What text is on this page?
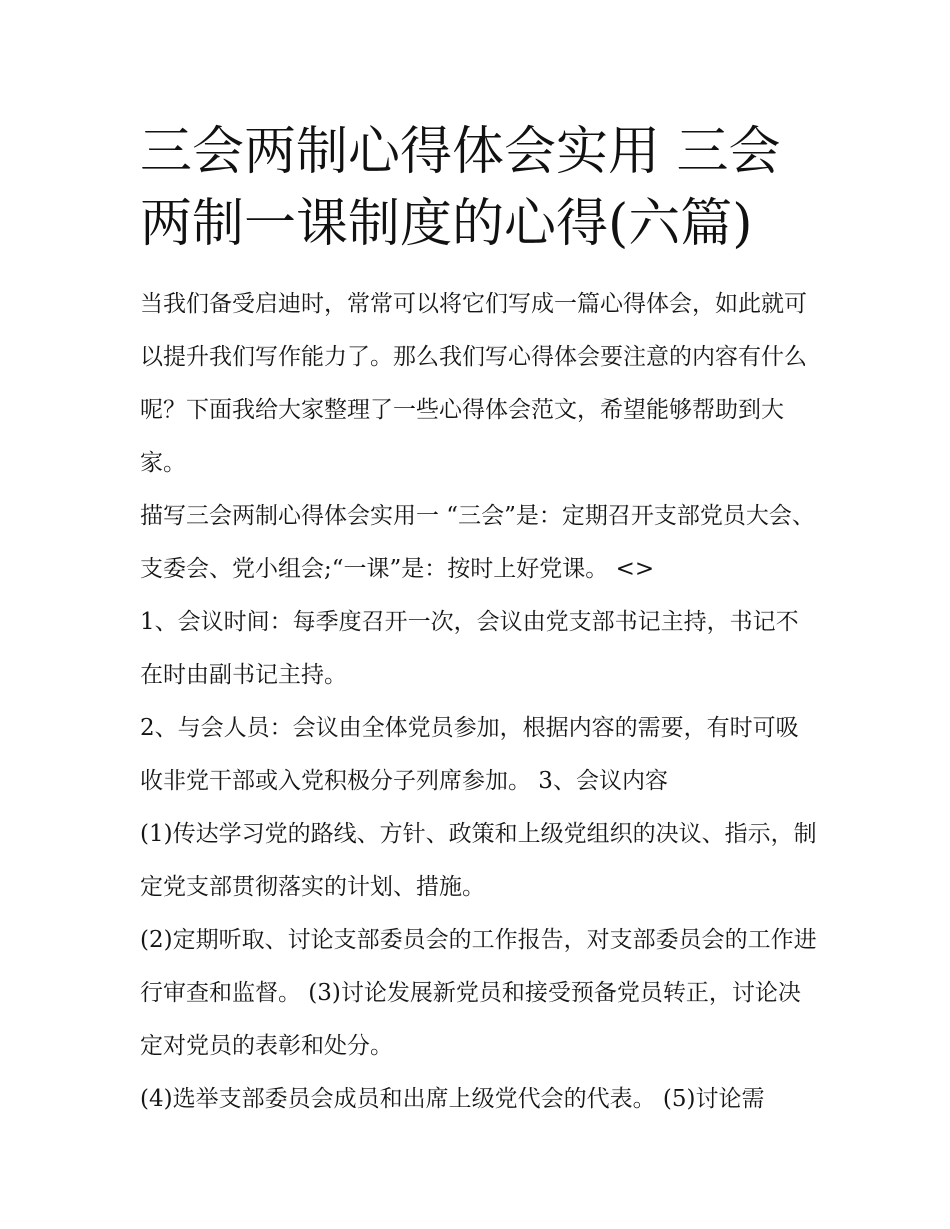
三会两制心得体会实用 三会两制一课制度的心得(六篇)

当我们备受启迪时，常常可以将它们写成一篇心得体会，如此就可以提升我们写作能力了。那么我们写心得体会要注意的内容有什么呢？下面我给大家整理了一些心得体会范文，希望能够帮助到大家。

描写三会两制心得体会实用一 “三会”是：定期召开支部党员大会、支委会、党小组会;“一课”是：按时上好党课。 <>

1、会议时间：每季度召开一次，会议由党支部书记主持，书记不在时由副书记主持。

2、与会人员：会议由全体党员参加，根据内容的需要，有时可吸收非党干部或入党积极分子列席参加。 3、会议内容

(1)传达学习党的路线、方针、政策和上级党组织的决议、指示，制定党支部贯彻落实的计划、措施。

(2)定期听取、讨论支部委员会的工作报告，对支部委员会的工作进行审查和监督。 (3)讨论发展新党员和接受预备党员转正，讨论决定对党员的表彰和处分。

(4)选举支部委员会成员和出席上级党代会的代表。 (5)讨论需
